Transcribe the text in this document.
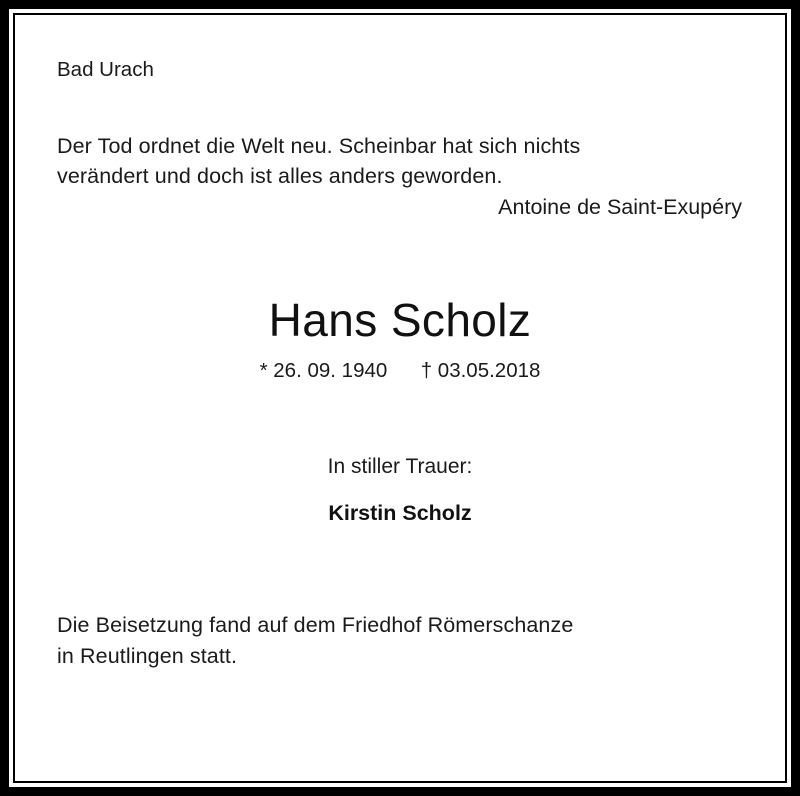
Bad Urach

Der Tod ordnet die Welt neu. Scheinbar hat sich nichts

verändert und doch ist alles anders geworden.

Antoine de Saint-Exupéry

Hans Scholz
* 26. 09. 1940 † 03.05.2018

In stiller Trauer:

Kirstin Scholz

Die Beisetzung fand auf dem Friedhof Römerschanze

in Reutlingen statt.
